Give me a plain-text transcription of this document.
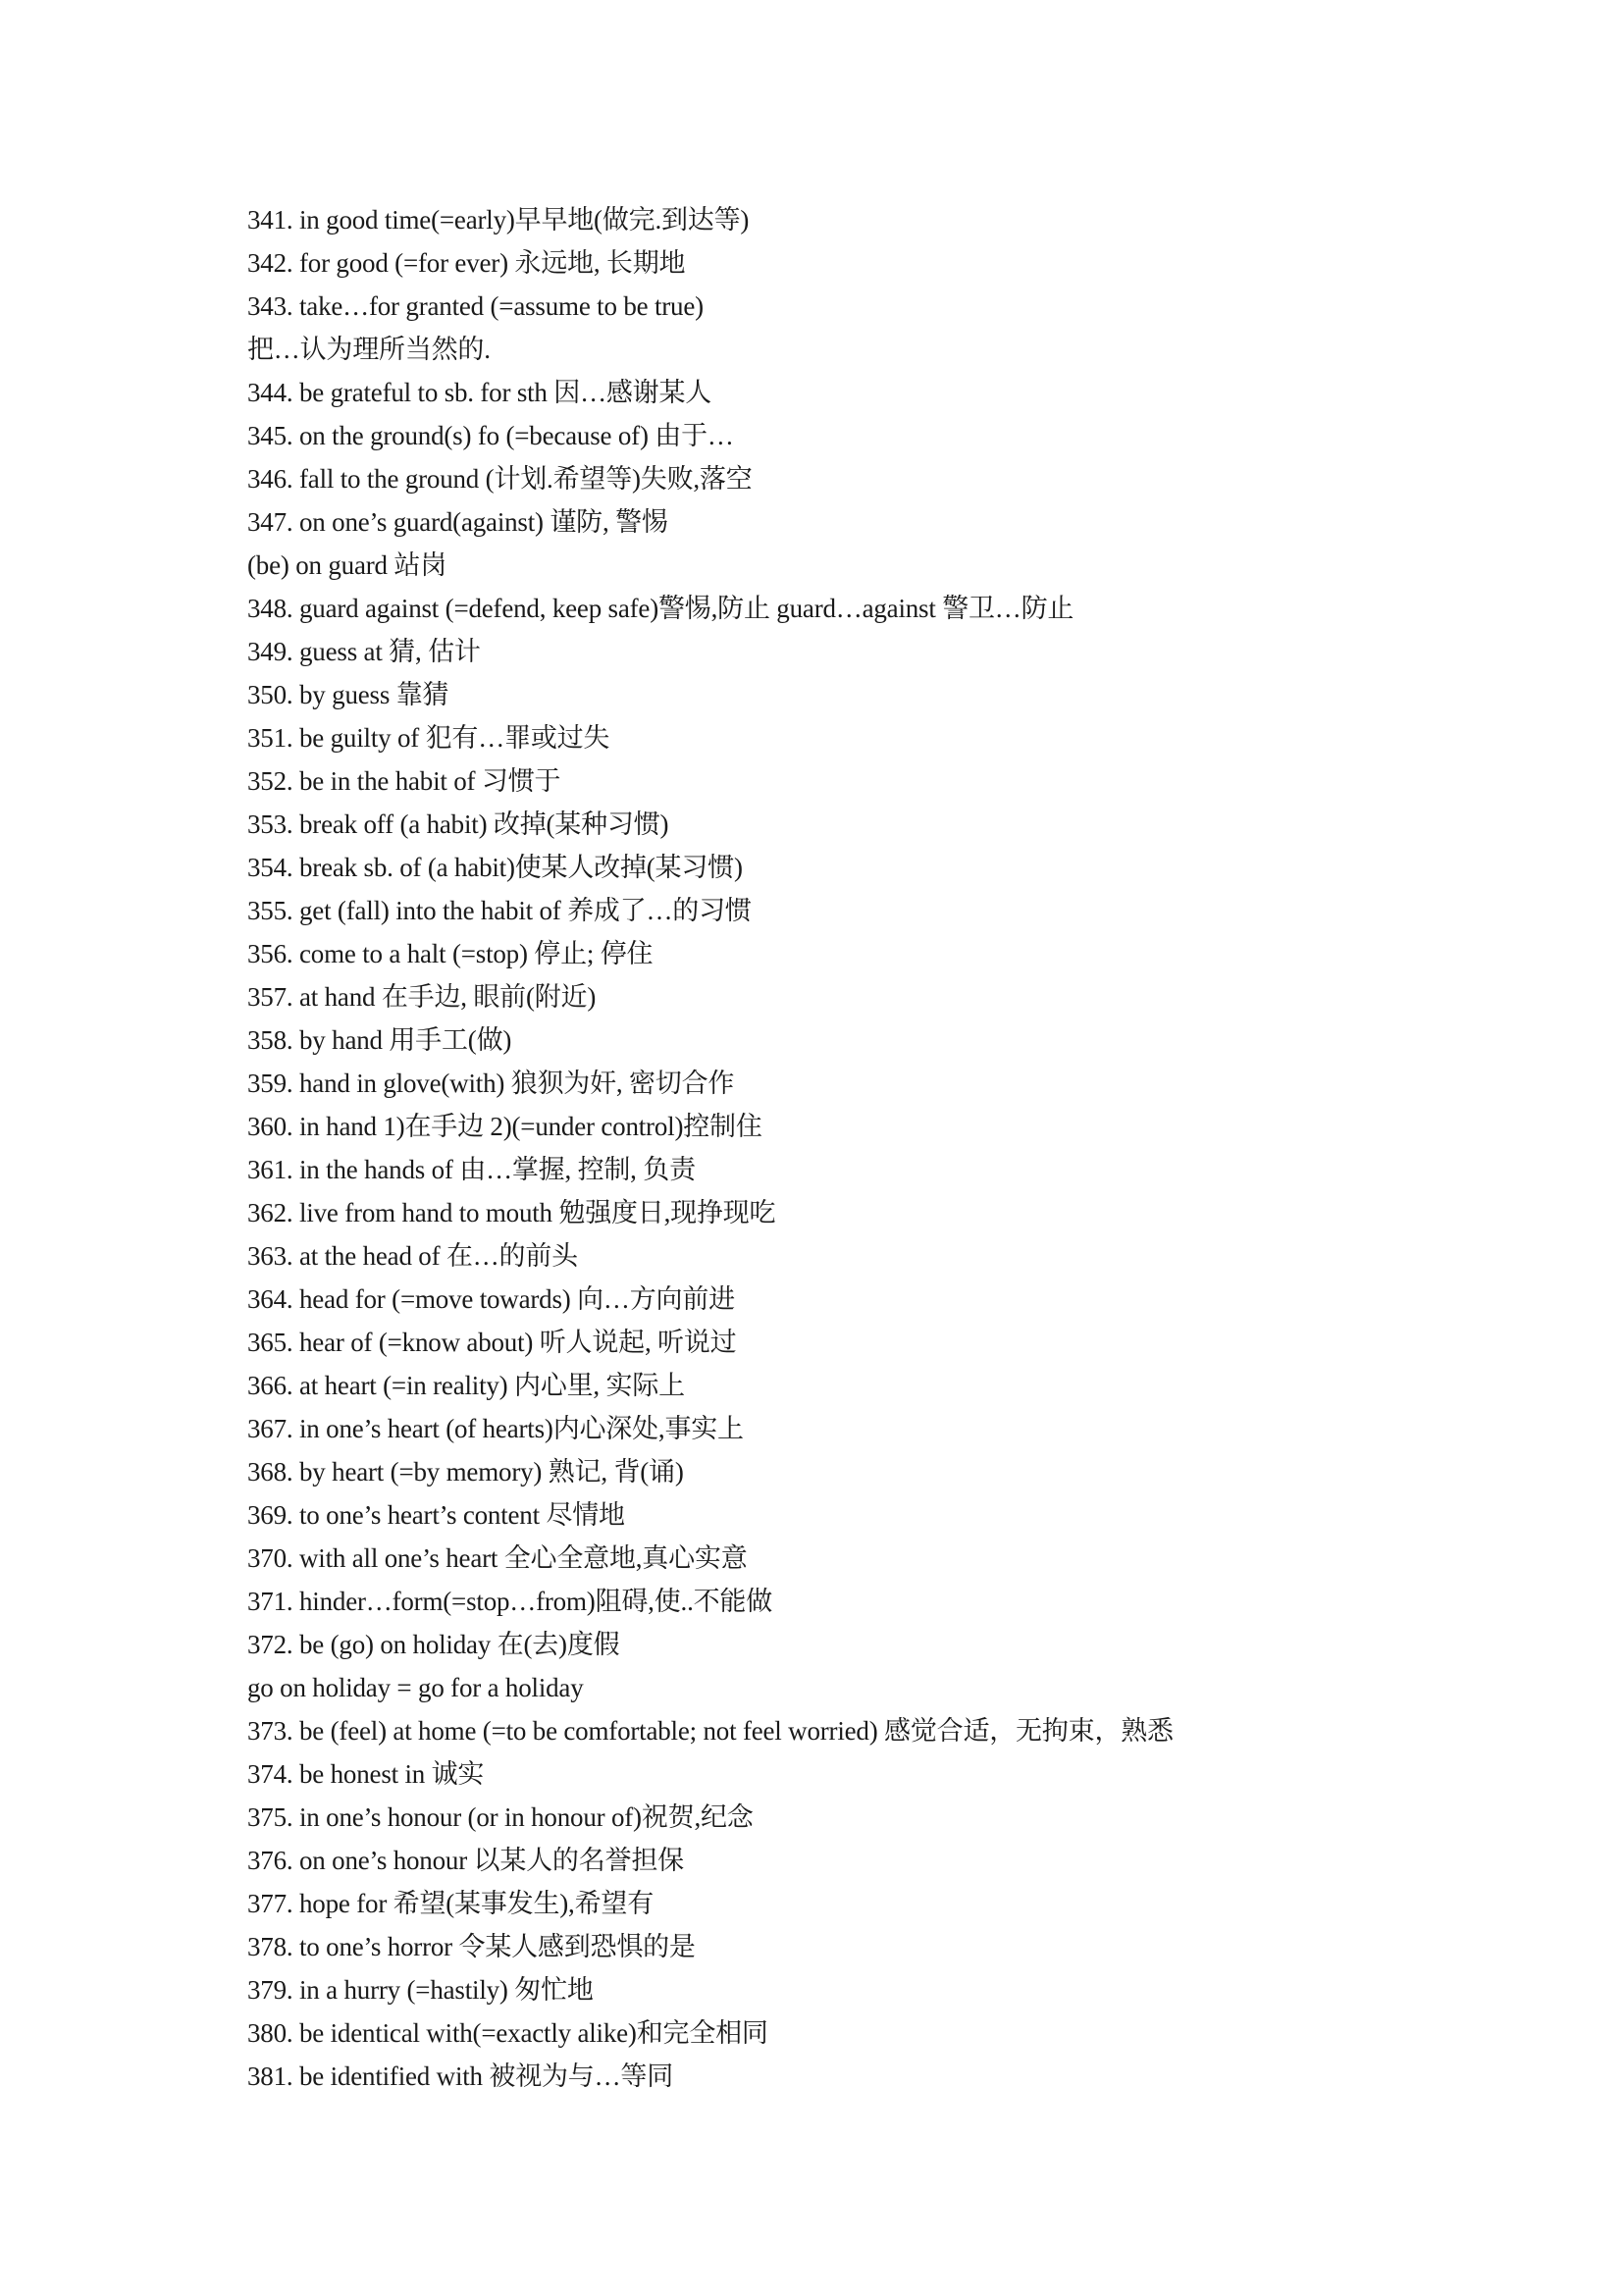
341. in good time(=early)早早地(做完.到达等)
342. for good (=for ever) 永远地, 长期地
343. take…for granted (=assume to be true)
把…认为理所当然的.
344. be grateful to sb. for sth 因…感谢某人
345. on the ground(s) fo (=because of) 由于…
346. fall to the ground (计划.希望等)失败,落空
347. on one’s guard(against) 谨防, 警惕
(be) on guard 站岗
348. guard against (=defend, keep safe)警惕,防止 guard…against 警卫…防止
349. guess at 猜, 估计
350. by guess 靠猜
351. be guilty of 犯有…罪或过失
352. be in the habit of 习惯于
353. break off (a habit) 改掉(某种习惯)
354. break sb. of (a habit)使某人改掉(某习惯)
355. get (fall) into the habit of 养成了…的习惯
356. come to a halt (=stop) 停止; 停住
357. at hand 在手边, 眼前(附近)
358. by hand 用手工(做)
359. hand in glove(with) 狼狈为奸, 密切合作
360. in hand 1)在手边 2)(=under control)控制住
361. in the hands of 由…掌握, 控制, 负责
362. live from hand to mouth 勉强度日,现挣现吃
363. at the head of 在…的前头
364. head for (=move towards) 向…方向前进
365. hear of (=know about) 听人说起, 听说过
366. at heart (=in reality) 内心里, 实际上
367. in one’s heart (of hearts)内心深处,事实上
368. by heart (=by memory) 熟记, 背(诵)
369. to one’s heart’s content 尽情地
370. with all one’s heart 全心全意地,真心实意
371. hinder…form(=stop…from)阻碍,使..不能做
372. be (go) on holiday 在(去)度假
go on holiday = go for a holiday
373. be (feel) at home (=to be comfortable; not feel worried) 感觉合适，无拘束，熟悉
374. be honest in 诚实
375. in one’s honour (or in honour of)祝贺,纪念
376. on one’s honour 以某人的名誉担保
377. hope for 希望(某事发生),希望有
378. to one’s horror 令某人感到恐惧的是
379. in a hurry (=hastily) 匆忙地
380. be identical with(=exactly alike)和完全相同
381. be identified with 被视为与…等同
